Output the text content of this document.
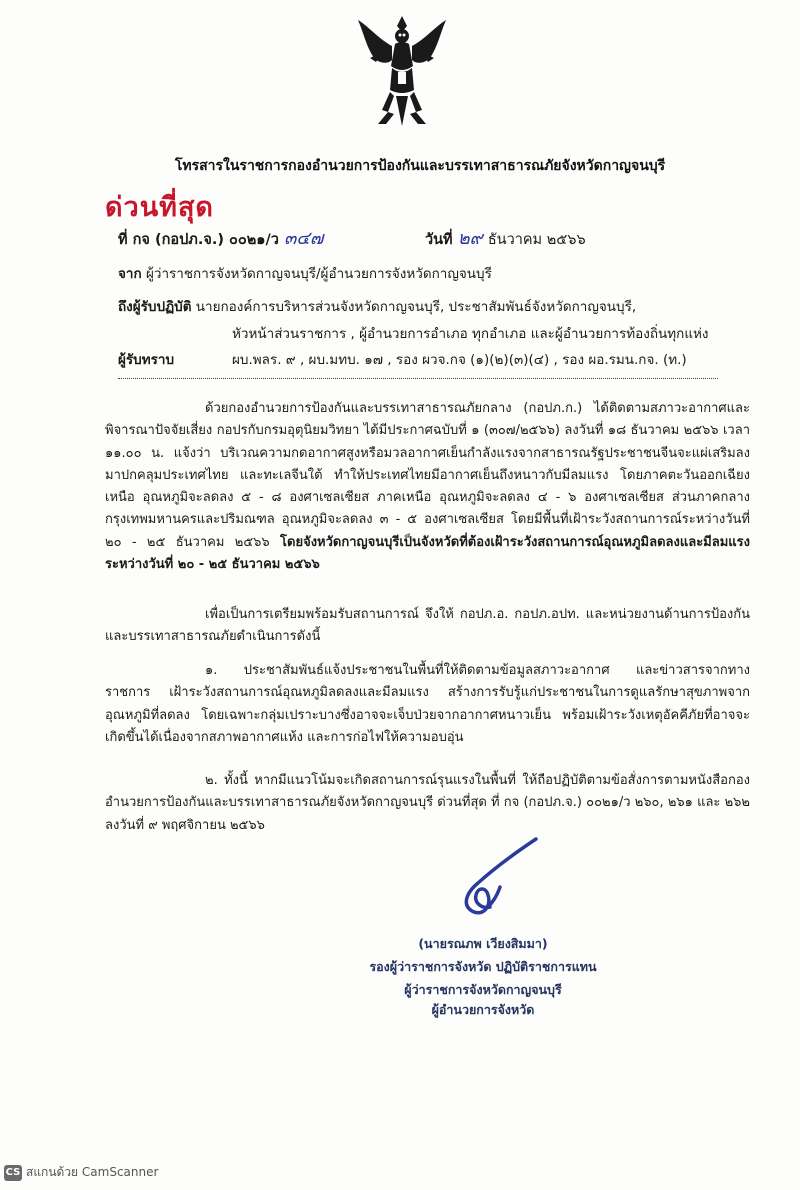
โทรสารในราชการกองอำนวยการป้องกันและบรรเทาสาธารณภัยจังหวัดกาญจนบุรี
ด่วนที่สุด
ที่ กจ (กอปภ.จ.) ๐๐๒๑/ว ๓๔๗	วันที่ ๒๙ ธันวาคม ๒๕๖๖
จาก ผู้ว่าราชการจังหวัดกาญจนบุรี/ผู้อำนวยการจังหวัดกาญจนบุรี
ถึงผู้รับปฏิบัติ นายกองค์การบริหารส่วนจังหวัดกาญจนบุรี, ประชาสัมพันธ์จังหวัดกาญจนบุรี,
หัวหน้าส่วนราชการ , ผู้อำนวยการอำเภอ ทุกอำเภอ และผู้อำนวยการท้องถิ่นทุกแห่ง
ผู้รับทราบ	ผบ.พลร. ๙ , ผบ.มทบ. ๑๗ , รอง ผวจ.กจ (๑)(๒)(๓)(๔) , รอง ผอ.รมน.กจ. (ท.)
ด้วยกองอำนวยการป้องกันและบรรเทาสาธารณภัยกลาง (กอปภ.ก.) ได้ติดตามสภาวะอากาศและพิจารณาปัจจัยเสี่ยง กอปรกับกรมอุตุนิยมวิทยา ได้มีประกาศฉบับที่ ๑ (๓๐๗/๒๕๖๖) ลงวันที่ ๑๘ ธันวาคม ๒๕๖๖ เวลา ๑๑.๐๐ น. แจ้งว่า บริเวณความกดอากาศสูงหรือมวลอากาศเย็นกำลังแรงจากสาธารณรัฐประชาชนจีนจะแผ่เสริมลงมาปกคลุมประเทศไทย และทะเลจีนใต้ ทำให้ประเทศไทยมีอากาศเย็นถึงหนาวกับมีลมแรง โดยภาคตะวันออกเฉียงเหนือ อุณหภูมิจะลดลง ๕ - ๘ องศาเซลเซียส ภาคเหนือ อุณหภูมิจะลดลง ๔ - ๖ องศาเซลเซียส ส่วนภาคกลาง กรุงเทพมหานครและปริมณฑล อุณหภูมิจะลดลง ๓ - ๕ องศาเซลเซียส โดยมีพื้นที่เฝ้าระวังสถานการณ์ระหว่างวันที่ ๒๐ - ๒๕ ธันวาคม ๒๕๖๖ โดยจังหวัดกาญจนบุรีเป็นจังหวัดที่ต้องเฝ้าระวังสถานการณ์อุณหภูมิลดลงและมีลมแรง ระหว่างวันที่ ๒๐ - ๒๕ ธันวาคม ๒๕๖๖
เพื่อเป็นการเตรียมพร้อมรับสถานการณ์ จึงให้ กอปภ.อ. กอปภ.อปท. และหน่วยงานด้านการป้องกันและบรรเทาสาธารณภัยดำเนินการดังนี้
๑. ประชาสัมพันธ์แจ้งประชาชนในพื้นที่ให้ติดตามข้อมูลสภาวะอากาศ และข่าวสารจากทางราชการ เฝ้าระวังสถานการณ์อุณหภูมิลดลงและมีลมแรง สร้างการรับรู้แก่ประชาชนในการดูแลรักษาสุขภาพจากอุณหภูมิที่ลดลง โดยเฉพาะกลุ่มเปราะบางซึ่งอาจจะเจ็บป่วยจากอากาศหนาวเย็น พร้อมเฝ้าระวังเหตุอัคคีภัยที่อาจจะเกิดขึ้นได้เนื่องจากสภาพอากาศแห้ง และการก่อไฟให้ความอบอุ่น
๒. ทั้งนี้ หากมีแนวโน้มจะเกิดสถานการณ์รุนแรงในพื้นที่ ให้ถือปฏิบัติตามข้อสั่งการตามหนังสือกองอำนวยการป้องกันและบรรเทาสาธารณภัยจังหวัดกาญจนบุรี ด่วนที่สุด ที่ กจ (กอปภ.จ.) ๐๐๒๑/ว ๒๖๐, ๒๖๑ และ ๒๖๒ ลงวันที่ ๙ พฤศจิกายน ๒๕๖๖
(นายรณภพ เวียงสิมมา)
รองผู้ว่าราชการจังหวัด ปฏิบัติราชการแทน
ผู้ว่าราชการจังหวัดกาญจนบุรี
ผู้อำนวยการจังหวัด
CS สแกนด้วย CamScanner
